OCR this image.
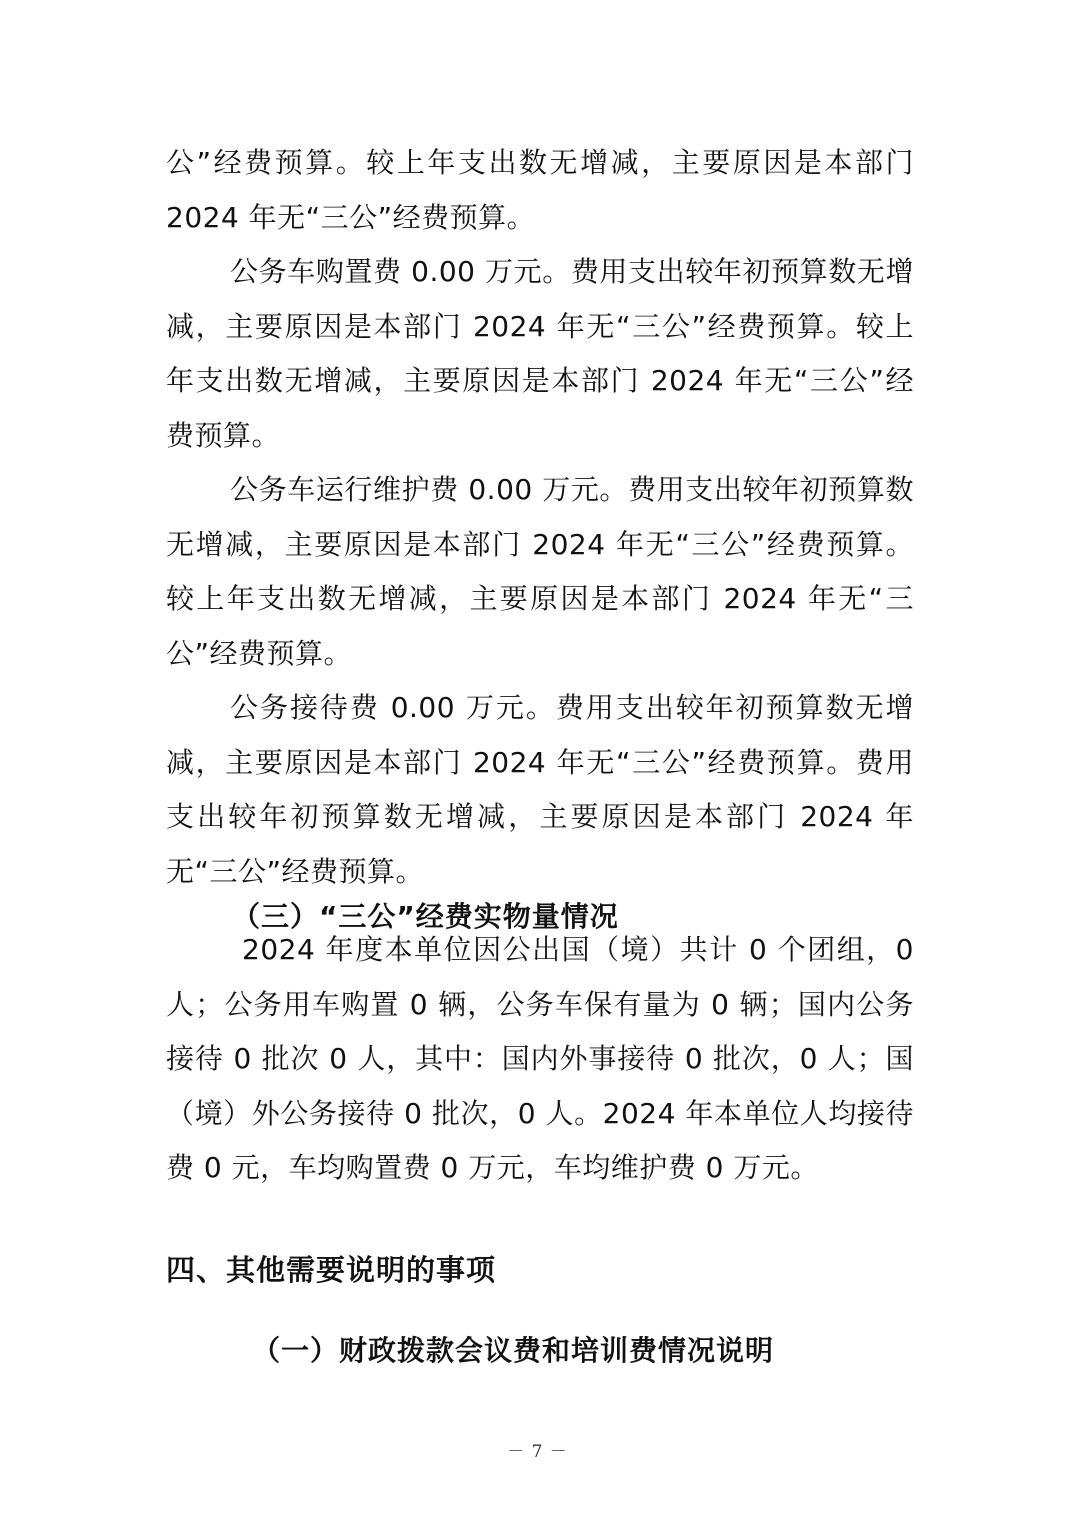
公”经费预算。较上年支出数无增减，主要原因是本部门 2024 年无“三公”经费预算。

公务车购置费 0.00 万元。费用支出较年初预算数无增减，主要原因是本部门 2024 年无“三公”经费预算。较上年支出数无增减，主要原因是本部门 2024 年无“三公”经费预算。

公务车运行维护费 0.00 万元。费用支出较年初预算数无增减，主要原因是本部门 2024 年无“三公”经费预算。较上年支出数无增减，主要原因是本部门 2024 年无“三公”经费预算。

公务接待费 0.00 万元。费用支出较年初预算数无增减，主要原因是本部门 2024 年无“三公”经费预算。费用支出较年初预算数无增减，主要原因是本部门 2024 年无“三公”经费预算。

（三）“三公”经费实物量情况

2024 年度本单位因公出国（境）共计 0 个团组，0 人；公务用车购置 0 辆，公务车保有量为 0 辆；国内公务接待 0 批次 0 人，其中：国内外事接待 0 批次，0 人；国（境）外公务接待 0 批次，0 人。2024 年本单位人均接待费 0 元，车均购置费 0 万元，车均维护费 0 万元。

四、其他需要说明的事项
（一）财政拨款会议费和培训费情况说明
－ 7 －
